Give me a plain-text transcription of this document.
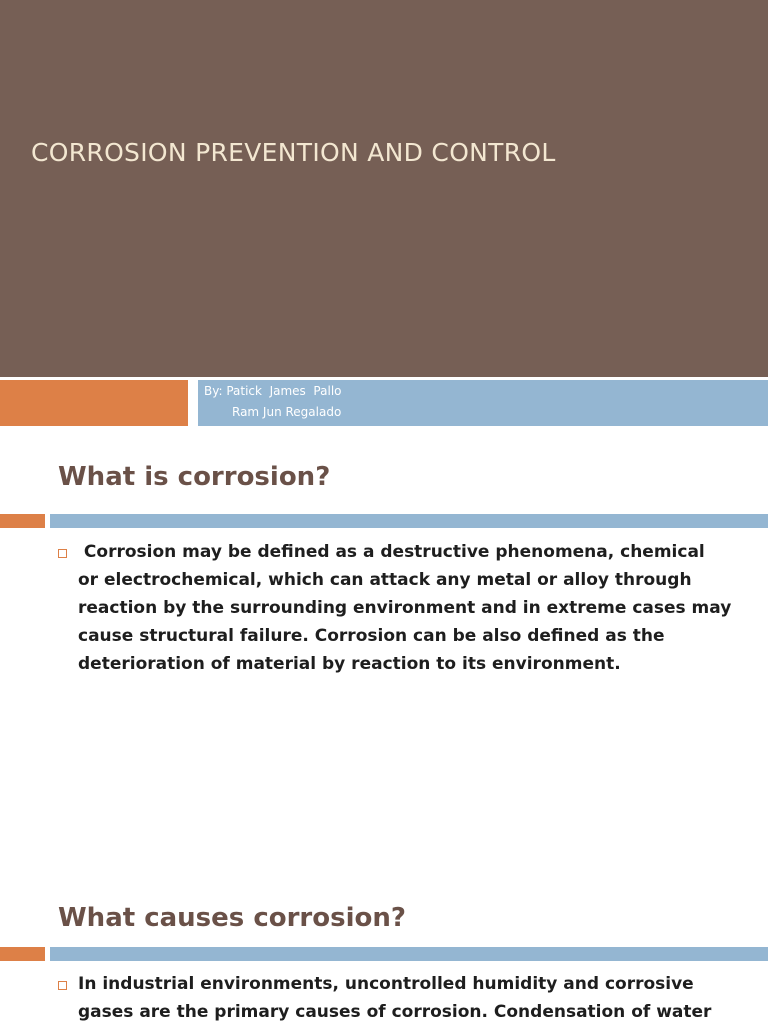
CORROSION PREVENTION AND CONTROL
By: Patick  James  Pallo
Ram Jun Regalado
What is corrosion?

Corrosion may be defined as a destructive phenomena, chemical
or electrochemical, which can attack any metal or alloy through
reaction by the surrounding environment and in extreme cases may
cause structural failure. Corrosion can be also defined as the
deterioration of material by reaction to its environment.

What causes corrosion?

In industrial environments, uncontrolled humidity and corrosive
gases are the primary causes of corrosion. Condensation of water
